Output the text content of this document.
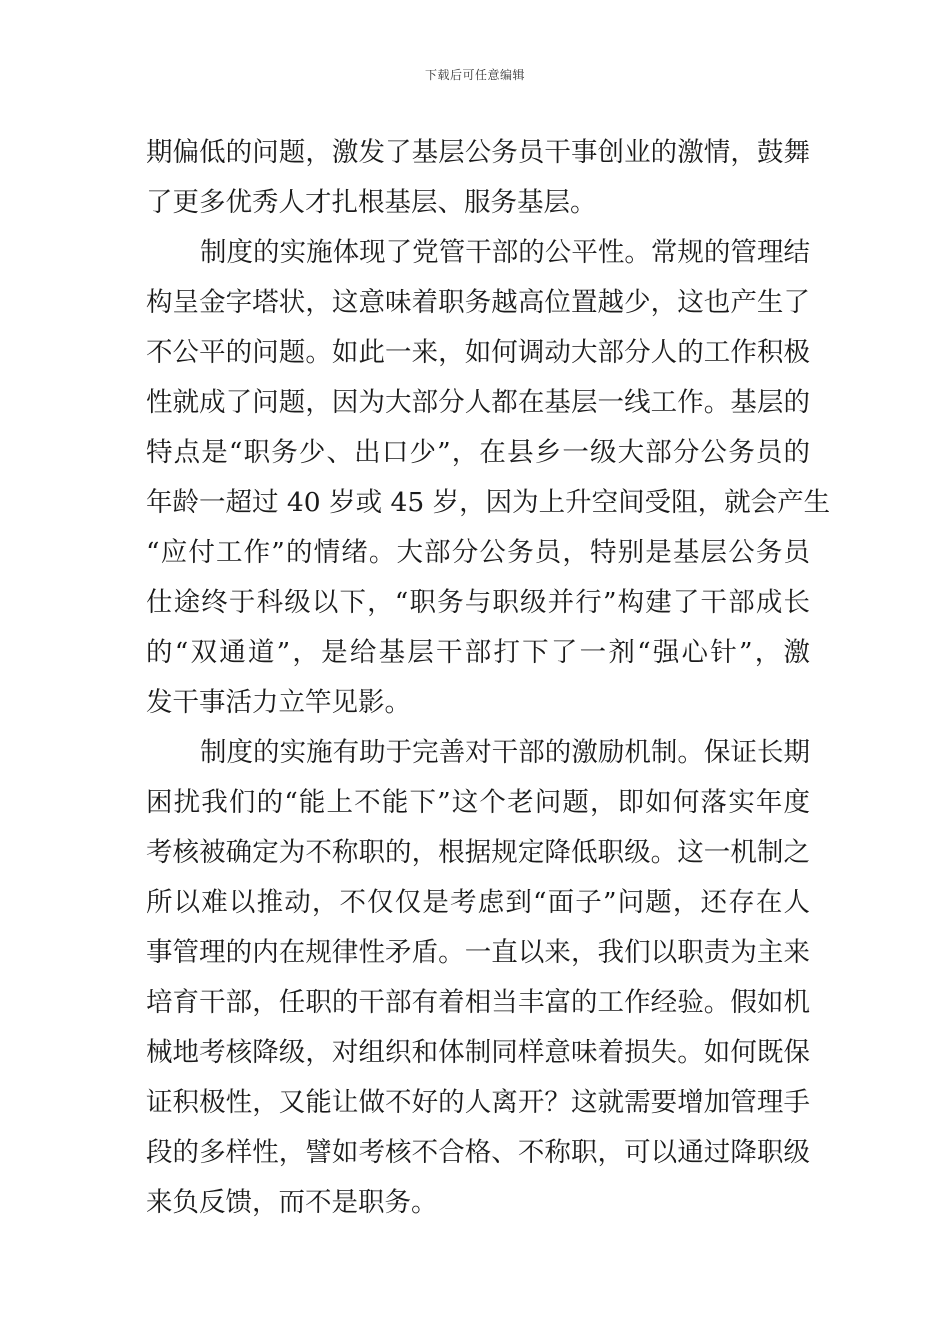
下载后可任意编辑
期偏低的问题，激发了基层公务员干事创业的激情，鼓舞
了更多优秀人才扎根基层、服务基层。
制度的实施体现了党管干部的公平性。常规的管理结
构呈金字塔状，这意味着职务越高位置越少，这也产生了
不公平的问题。如此一来，如何调动大部分人的工作积极
性就成了问题，因为大部分人都在基层一线工作。基层的
特点是“职务少、出口少”，在县乡一级大部分公务员的
年龄一超过 40 岁或 45 岁，因为上升空间受阻，就会产生
“应付工作”的情绪。大部分公务员，特别是基层公务员
仕途终于科级以下，“职务与职级并行”构建了干部成长
的“双通道”，是给基层干部打下了一剂“强心针”，激
发干事活力立竿见影。
制度的实施有助于完善对干部的激励机制。保证长期
困扰我们的“能上不能下”这个老问题，即如何落实年度
考核被确定为不称职的，根据规定降低职级。这一机制之
所以难以推动，不仅仅是考虑到“面子”问题，还存在人
事管理的内在规律性矛盾。一直以来，我们以职责为主来
培育干部，任职的干部有着相当丰富的工作经验。假如机
械地考核降级，对组织和体制同样意味着损失。如何既保
证积极性，又能让做不好的人离开？这就需要增加管理手
段的多样性，譬如考核不合格、不称职，可以通过降职级
来负反馈，而不是职务。
